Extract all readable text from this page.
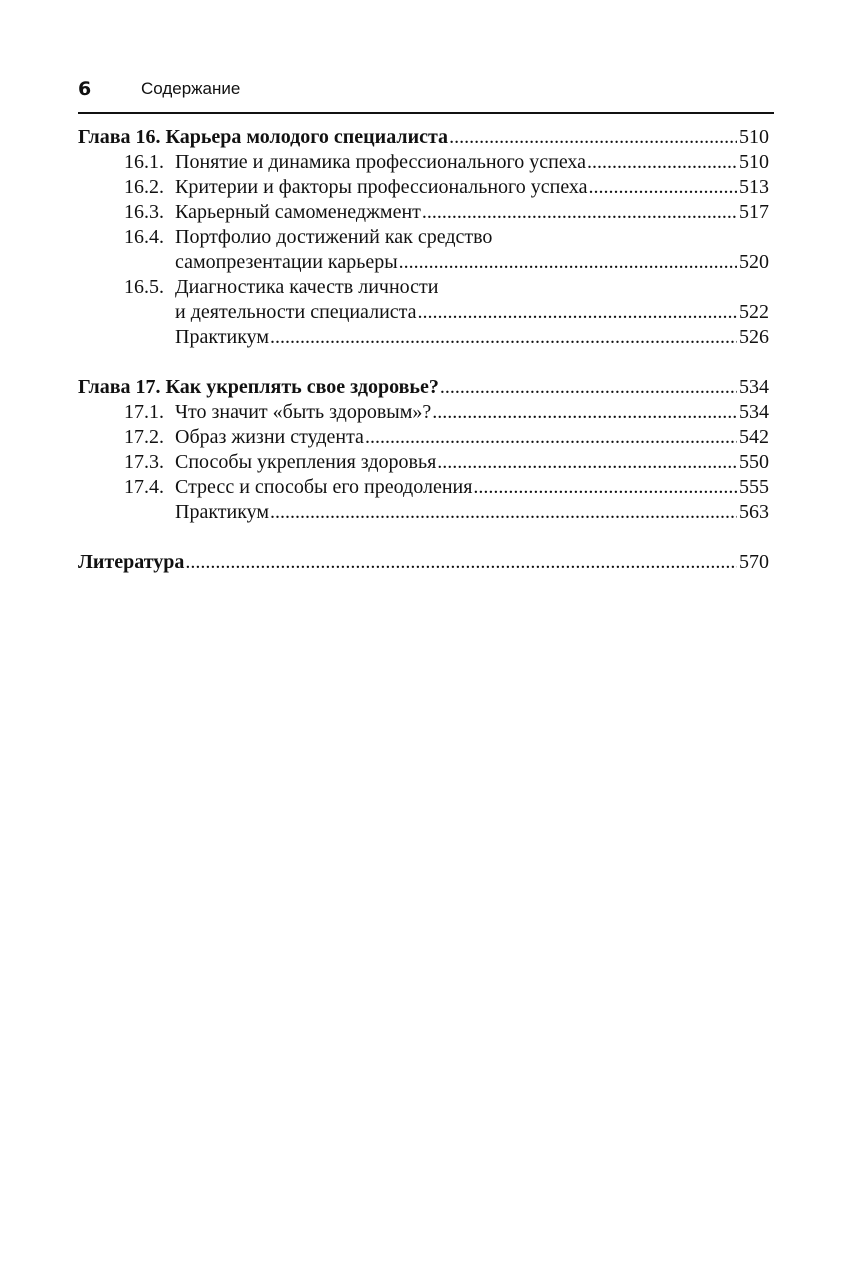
6	Содержание
Глава 16. Карьера молодого специалиста .....	510
16.1. Понятие и динамика профессионального успеха .....	510
16.2. Критерии и факторы профессионального успеха .....	513
16.3. Карьерный самоменеджмент .....	517
16.4. Портфолио достижений как средство
самопрезентации карьеры .....	520
16.5. Диагностика качеств личности
и деятельности специалиста .....	522
Практикум .....	526
Глава 17. Как укреплять свое здоровье? .....	534
17.1. Что значит «быть здоровым»? .....	534
17.2. Образ жизни студента .....	542
17.3. Способы укрепления здоровья .....	550
17.4. Стресс и способы его преодоления .....	555
Практикум .....	563
Литература .....	570
